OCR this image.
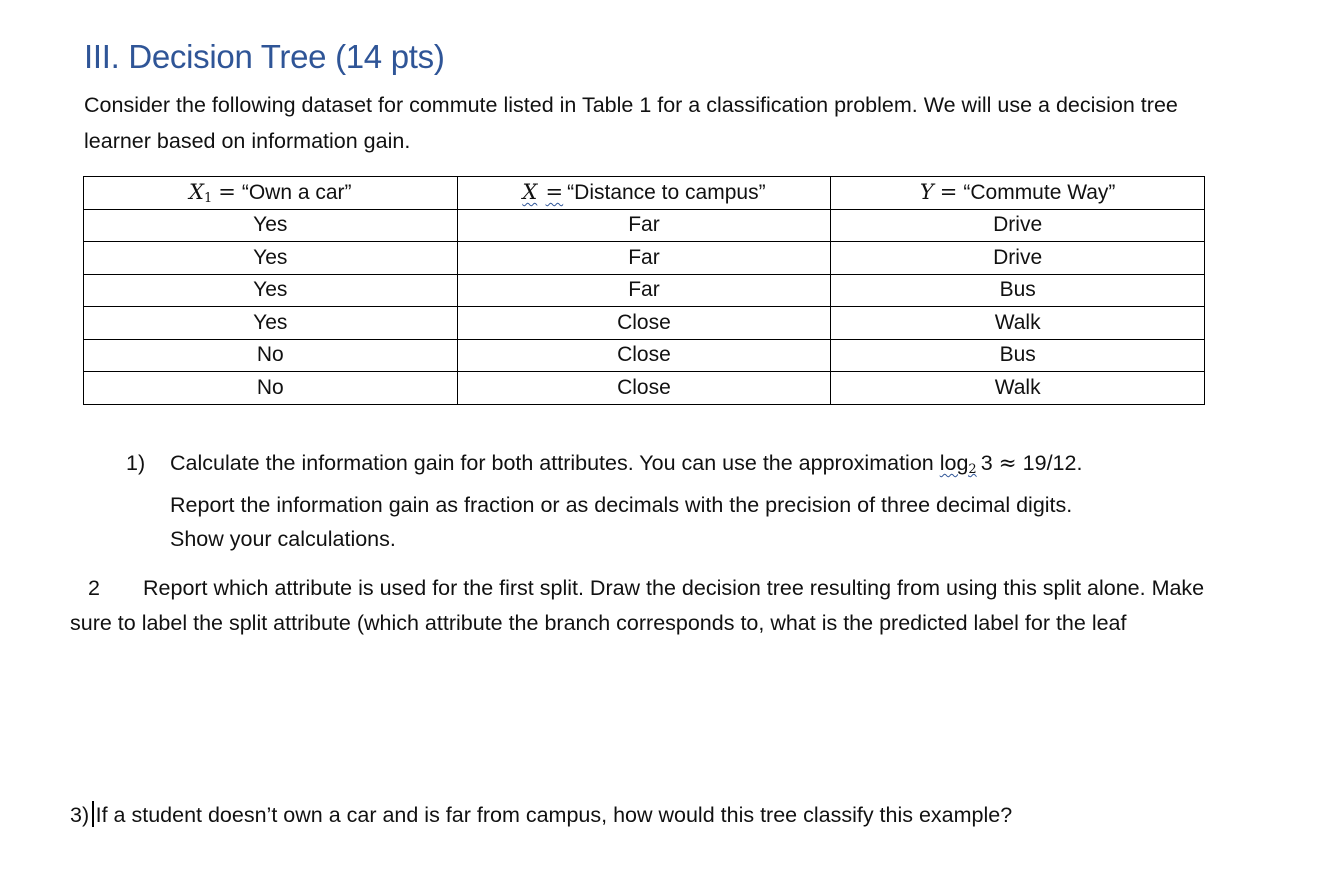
III. Decision Tree (14 pts)

Consider the following dataset for commute listed in Table 1 for a classification problem. We will use a decision tree learner based on information gain.

X1 = “Own a car”	X = “Distance to campus”	Y = “Commute Way”
Yes	Far	Drive
Yes	Far	Drive
Yes	Far	Bus
Yes	Close	Walk
No	Close	Bus
No	Close	Walk
1) Calculate the information gain for both attributes. You can use the approximation log2 3 ≈ 19/12. Report the information gain as fraction or as decimals with the precision of three decimal digits. Show your calculations.
2 Report which attribute is used for the first split. Draw the decision tree resulting from using this split alone. Make sure to label the split attribute (which attribute the branch corresponds to, what is the predicted label for the leaf
3) If a student doesn’t own a car and is far from campus, how would this tree classify this example?
